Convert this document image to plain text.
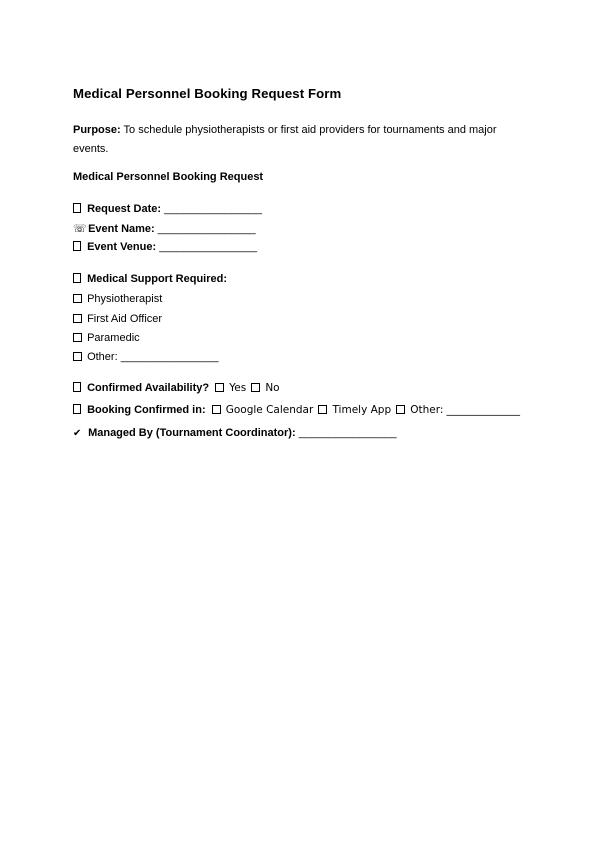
Medical Personnel Booking Request Form
Purpose: To schedule physiotherapists or first aid providers for tournaments and major events.
Medical Personnel Booking Request
Request Date: ________________
☏ Event Name: ________________
Event Venue: ________________
Medical Support Required:
Physiotherapist
First Aid Officer
Paramedic
Other: ________________
Confirmed Availability? Yes No
Booking Confirmed in: Google Calendar Timely App Other: ______________
✔ Managed By (Tournament Coordinator): ________________
